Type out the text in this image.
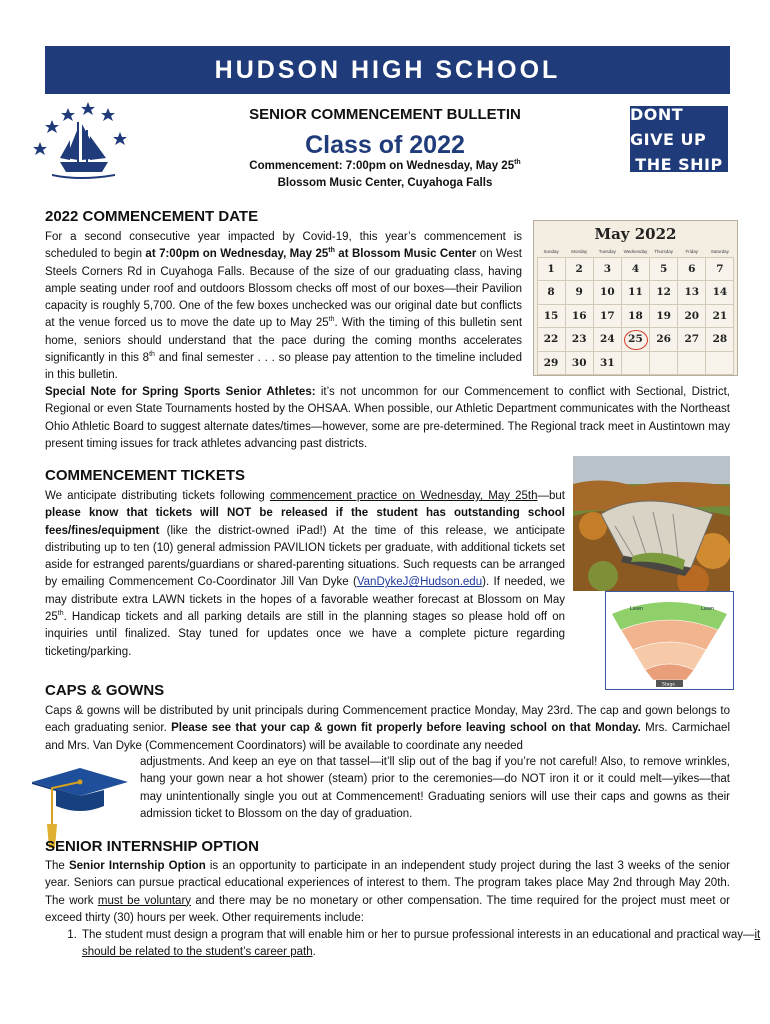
HUDSON HIGH SCHOOL
SENIOR COMMENCEMENT BULLETIN
Class of 2022
Commencement: 7:00pm on Wednesday, May 25th
Blossom Music Center, Cuyahoga Falls
DONT GIVE UP
THE SHIP
2022 COMMENCEMENT DATE

For a second consecutive year impacted by Covid-19, this year’s commencement is scheduled to begin at 7:00pm on Wednesday, May 25th at Blossom Music Center on West Steels Corners Rd in Cuyahoga Falls. Because of the size of our graduating class, having ample seating under roof and outdoors Blossom checks off most of our boxes—their Pavilion capacity is roughly 5,700. One of the few boxes unchecked was our original date but conflicts at the venue forced us to move the date up to May 25th. With the timing of this bulletin sent home, seniors should understand that the pace during the coming months accelerates significantly in this 8th and final semester . . . so please pay attention to the timeline included in this bulletin.

Special Note for Spring Sports Senior Athletes: it’s not uncommon for our Commencement to conflict with Sectional, District, Regional or even State Tournaments hosted by the OHSAA. When possible, our Athletic Department communicates with the Northeast Ohio Athletic Board to suggest alternate dates/times—however, some are pre-determined. The Regional track meet in Austintown may present timing issues for track athletes advancing past districts.

May 2022
Sunday	Monday	Tuesday	Wednesday	Thursday	Friday	Saturday
1 2 3 4 5 6 7
8 9 10 11 12 13 14
15 16 17 18 19 20 21
22 23 24 25 26 27 28
29 30 31
COMMENCEMENT TICKETS
Lawn	Lawn
Stage

We anticipate distributing tickets following commencement practice on Wednesday, May 25th—but please know that tickets will NOT be released if the student has outstanding school fees/fines/equipment (like the district-owned iPad!) At the time of this release, we anticipate distributing up to ten (10) general admission PAVILION tickets per graduate, with additional tickets set aside for estranged parents/guardians or shared-parenting situations. Such requests can be arranged by emailing Commencement Co-Coordinator Jill Van Dyke (VanDykeJ@Hudson.edu). If needed, we may distribute extra LAWN tickets in the hopes of a favorable weather forecast at Blossom on May 25th. Handicap tickets and all parking details are still in the planning stages so please hold off on inquiries until finalized. Stay tuned for updates once we have a complete picture regarding ticketing/parking.

CAPS & GOWNS

Caps & gowns will be distributed by unit principals during Commencement practice Monday, May 23rd. The cap and gown belongs to each graduating senior. Please see that your cap & gown fit properly before leaving school on that Monday. Mrs. Carmichael and Mrs. Van Dyke (Commencement Coordinators) will be available to coordinate any needed

adjustments. And keep an eye on that tassel—it’ll slip out of the bag if you’re not careful! Also, to remove wrinkles, hang your gown near a hot shower (steam) prior to the ceremonies—do NOT iron it or it could melt—yikes—that may unintentionally single you out at Commencement! Graduating seniors will use their caps and gowns as their admission ticket to Blossom on the day of graduation.

SENIOR INTERNSHIP OPTION

The Senior Internship Option is an opportunity to participate in an independent study project during the last 3 weeks of the senior year. Seniors can pursue practical educational experiences of interest to them. The program takes place May 2nd through May 20th. The work must be voluntary and there may be no monetary or other compensation. The time required for the project must meet or exceed thirty (30) hours per week. Other requirements include:

1. The student must design a program that will enable him or her to pursue professional interests in an educational and practical way—it should be related to the student’s career path.
